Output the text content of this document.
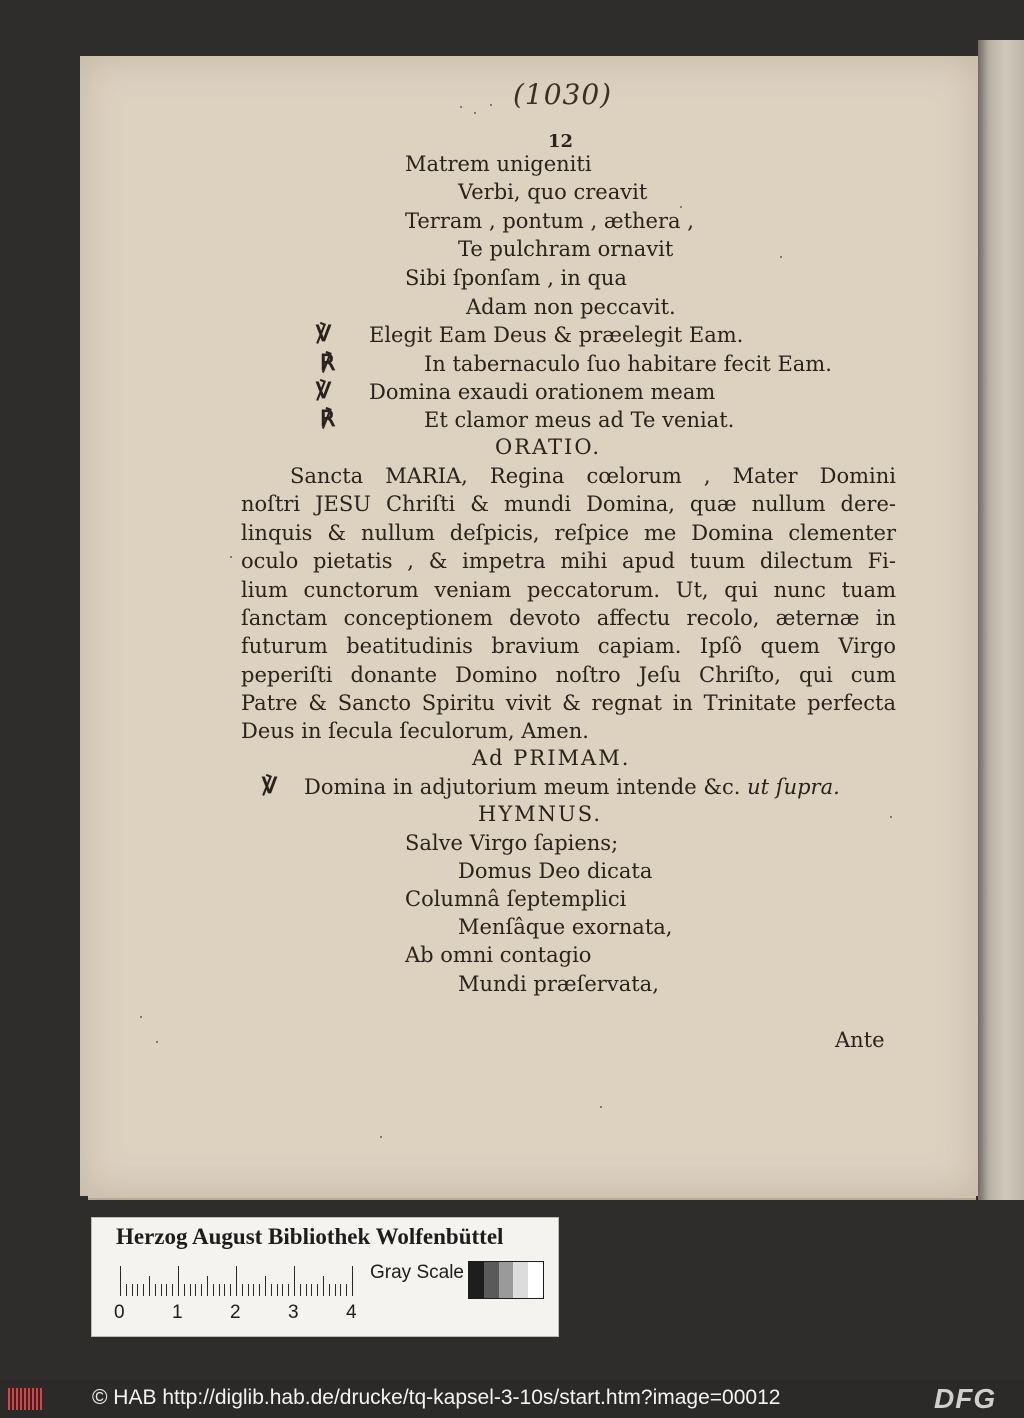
(1030)
12
Matrem unigeniti
Verbi, quo creavit
Terram , pontum , æthera ,
Te pulchram ornavit
Sibi ſponſam , in qua
Adam non peccavit.
℣ Elegit Eam Deus & præelegit Eam.
℟	In tabernaculo ſuo habitare fecit Eam.
℣ Domina exaudi orationem meam
℟	Et clamor meus ad Te veniat.
ORATIO.
Sancta MARIA, Regina cœlorum , Mater Domini
noſtri JESU Chriſti & mundi Domina, quæ nullum dere-
linquis & nullum deſpicis, reſpice me Domina clementer
oculo pietatis , & impetra mihi apud tuum dilectum Fi-
lium cunctorum veniam peccatorum. Ut, qui nunc tuam
ſanctam conceptionem devoto affectu recolo, æternæ in
futurum beatitudinis bravium capiam. Ipſô quem Virgo
peperiſti donante Domino noſtro Jeſu Chriſto, qui cum
Patre & Sancto Spiritu vivit & regnat in Trinitate perfecta
Deus in ſecula ſeculorum, Amen.
Ad PRIMAM.
℣ Domina in adjutorium meum intende &c. ut ſupra.
HYMNUS.
Salve Virgo ſapiens;
Domus Deo dicata
Columnâ ſeptemplici
Menſâque exornata,
Ab omni contagio
Mundi præſervata,
Ante
Herzog August Bibliothek Wolfenbüttel
0 1 2 3 4
Gray Scale
© HAB http://diglib.hab.de/drucke/tq-kapsel-3-10s/start.htm?image=00012	DFG
